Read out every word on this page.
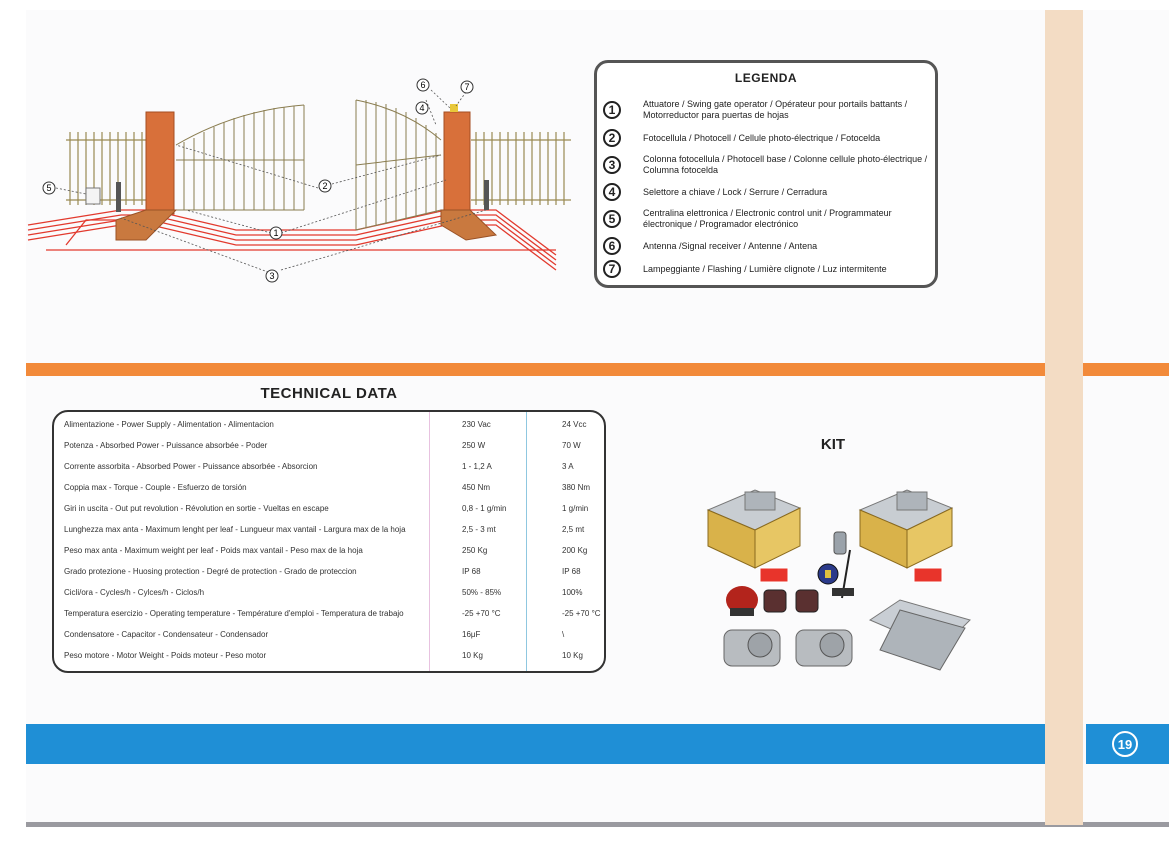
19
1
2
3
4
5
6	7
LEGENDA
1	Attuatore / Swing gate operator / Opérateur pour portails battants / Motorreductor para puertas de hojas
2	Fotocellula / Photocell / Cellule photo-électrique / Fotocelda
3	Colonna fotocellula / Photocell base / Colonne cellule photo-électrique / Columna fotocelda
4	Selettore a chiave / Lock / Serrure / Cerradura
5	Centralina elettronica / Electronic control unit / Programmateur électronique / Programador electrónico
6	Antenna /Signal receiver / Antenne / Antena
7	Lampeggiante / Flashing / Lumière clignote / Luz intermitente
TECHNICAL DATA
Alimentazione - Power Supply - Alimentation - Alimentacion	230 Vac	24 Vcc
Potenza - Absorbed Power - Puissance absorbée - Poder	250 W	70 W
Corrente assorbita - Absorbed Power - Puissance absorbée - Absorcion	1 - 1,2 A	3 A
Coppia max - Torque - Couple - Esfuerzo de torsión	450 Nm	380 Nm
Giri in uscita - Out put revolution - Révolution en sortie - Vueltas en escape	0,8 - 1 g/min	1 g/min
Lunghezza max anta - Maximum lenght per leaf - Lungueur max vantail - Largura max de la hoja	2,5 - 3 mt	2,5 mt
Peso max anta - Maximum weight per leaf - Poids max vantail - Peso max de la hoja	250 Kg	200 Kg
Grado protezione - Huosing protection - Degré de protection - Grado de proteccion	IP 68	IP 68
Cicli/ora - Cycles/h - Cylces/h - Ciclos/h	50% - 85%	100%
Temperatura esercizio - Operating temperature - Température d'emploi - Temperatura de trabajo	-25 +70 °C	-25 +70 °C
Condensatore - Capacitor - Condensateur - Condensador	16μF	\
Peso motore - Motor Weight - Poids moteur - Peso motor	10 Kg	10 Kg
KIT
